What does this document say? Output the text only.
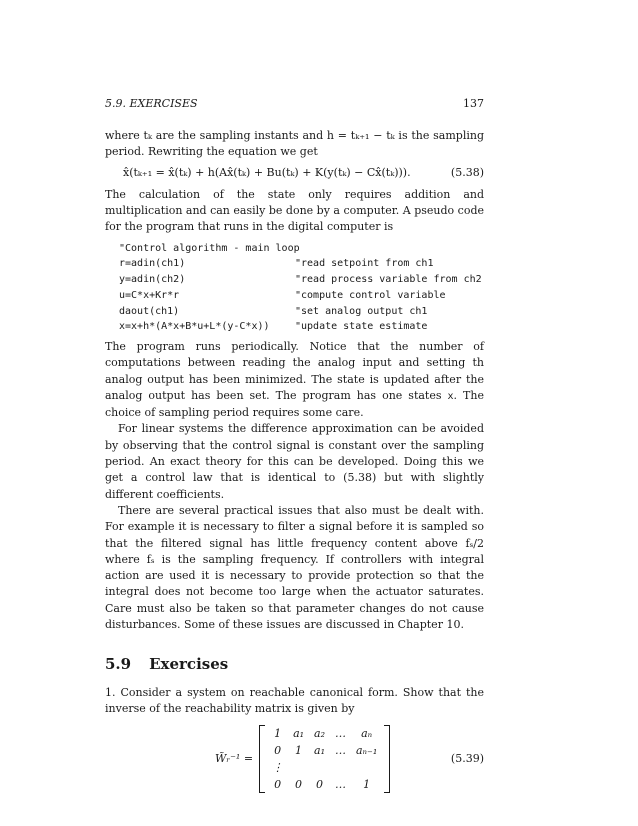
5.9. EXERCISES	137

where tₖ are the sampling instants and h = tₖ₊₁ − tₖ is the sampling period. Rewriting the equation we get

x̂(tₖ₊₁ = x̂(tₖ) + h(Ax̂(tₖ) + Bu(tₖ) + K(y(tₖ) − Cx̂(tₖ))).	(5.38)

The calculation of the state only requires addition and multiplication and can easily be done by a computer. A pseudo code for the program that runs in the digital computer is

"Control algorithm - main loop
r=adin(ch1)	"read setpoint from ch1
y=adin(ch2)	"read process variable from ch2
u=C*x+Kr*r	"compute control variable
daout(ch1)	"set analog output ch1
x=x+h*(A*x+B*u+L*(y-C*x))	"update state estimate

The program runs periodically. Notice that the number of computations between reading the analog input and setting th analog output has been minimized. The state is updated after the analog output has been set. The program has one states x. The choice of sampling period requires some care.

For linear systems the difference approximation can be avoided by observing that the control signal is constant over the sampling period. An exact theory for this can be developed. Doing this we get a control law that is identical to (5.38) but with slightly different coefficients.

There are several practical issues that also must be dealt with. For example it is necessary to filter a signal before it is sampled so that the filtered signal has little frequency content above fₛ/2 where fₛ is the sampling frequency. If controllers with integral action are used it is necessary to provide protection so that the integral does not become too large when the actuator saturates. Care must also be taken so that parameter changes do not cause disturbances. Some of these issues are discussed in Chapter 10.

5.9 Exercises

1. Consider a system on reachable canonical form. Show that the inverse of the reachability matrix is given by

W̃ᵣ⁻¹ =
1	a₁	a₂	…	aₙ
0	1	a₁	…	aₙ₋₁
⋮				
0	0	0	…	1
(5.39)
